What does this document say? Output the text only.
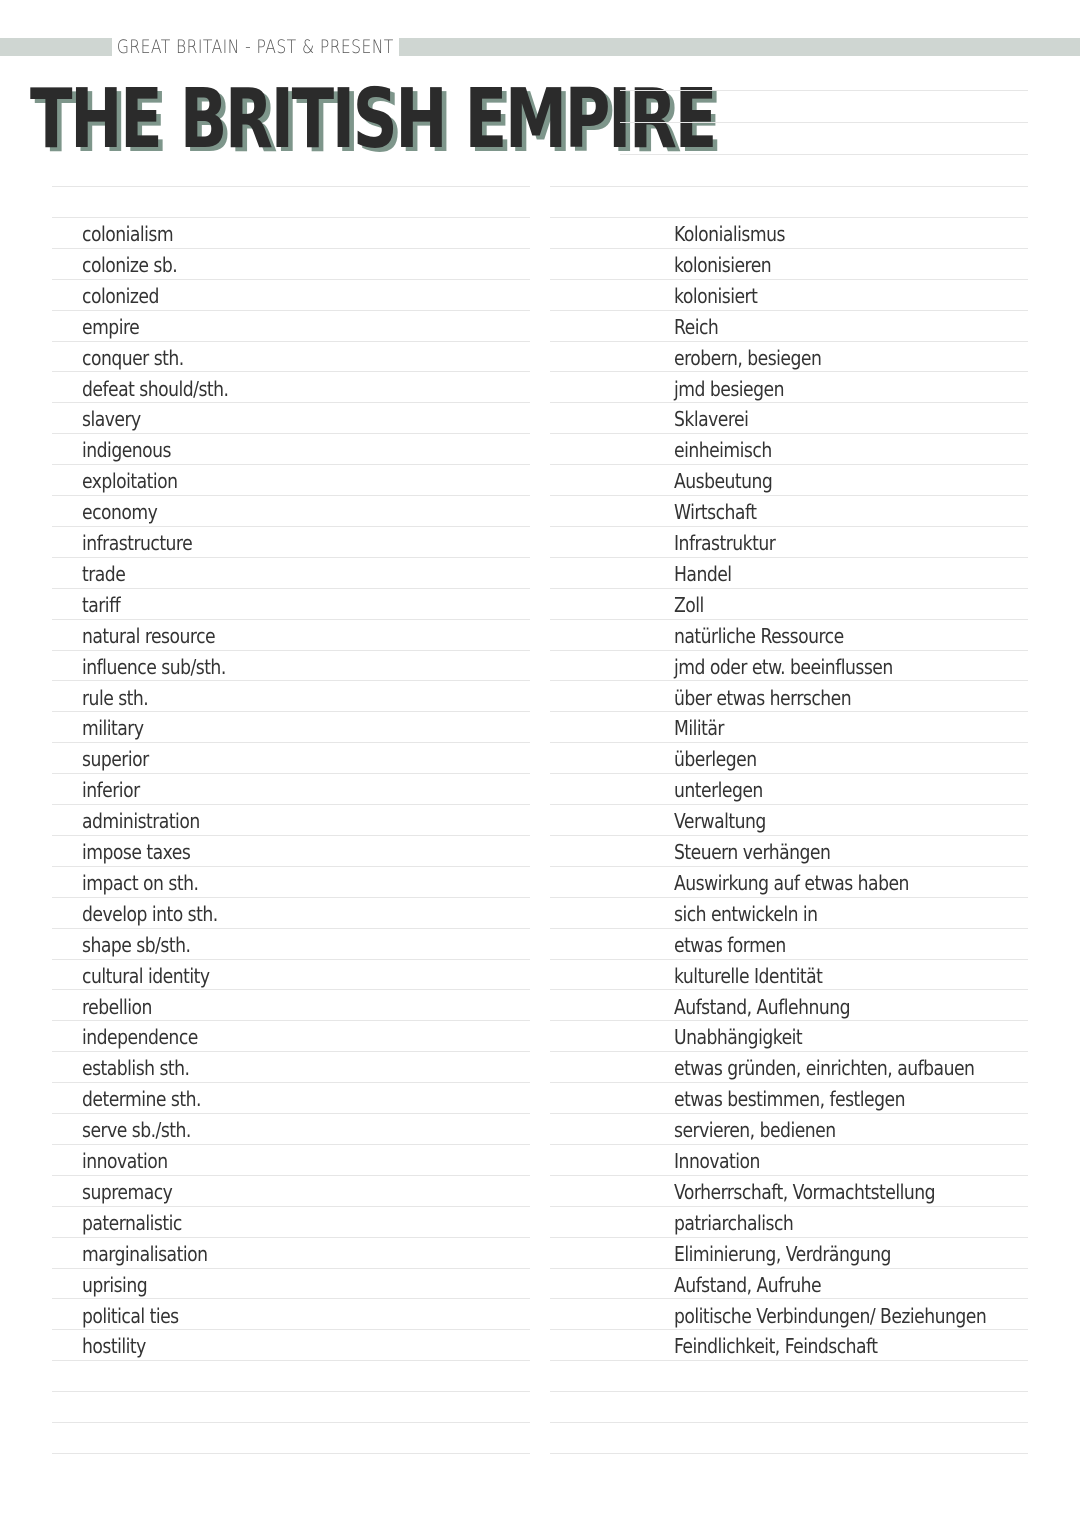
GREAT BRITAIN - PAST & PRESENT
THE BRITISH EMPIRE
colonialism
colonize sb.
colonized
empire
conquer sth.
defeat should/sth.
slavery
indigenous
exploitation
economy
infrastructure
trade
tariff
natural resource
influence sub/sth.
rule sth.
military
superior
inferior
administration
impose taxes
impact on sth.
develop into sth.
shape sb/sth.
cultural identity
rebellion
independence
establish sth.
determine sth.
serve sb./sth.
innovation
supremacy
paternalistic
marginalisation
uprising
political ties
hostility
Kolonialismus
kolonisieren
kolonisiert
Reich
erobern, besiegen
jmd besiegen
Sklaverei
einheimisch
Ausbeutung
Wirtschaft
Infrastruktur
Handel
Zoll
natürliche Ressource
jmd oder etw. beeinflussen
über etwas herrschen
Militär
überlegen
unterlegen
Verwaltung
Steuern verhängen
Auswirkung auf etwas haben
sich entwickeln in
etwas formen
kulturelle Identität
Aufstand, Auflehnung
Unabhängigkeit
etwas gründen, einrichten, aufbauen
etwas bestimmen, festlegen
servieren, bedienen
Innovation
Vorherrschaft, Vormachtstellung
patriarchalisch
Eliminierung, Verdrängung
Aufstand, Aufruhe
politische Verbindungen/ Beziehungen
Feindlichkeit, Feindschaft
